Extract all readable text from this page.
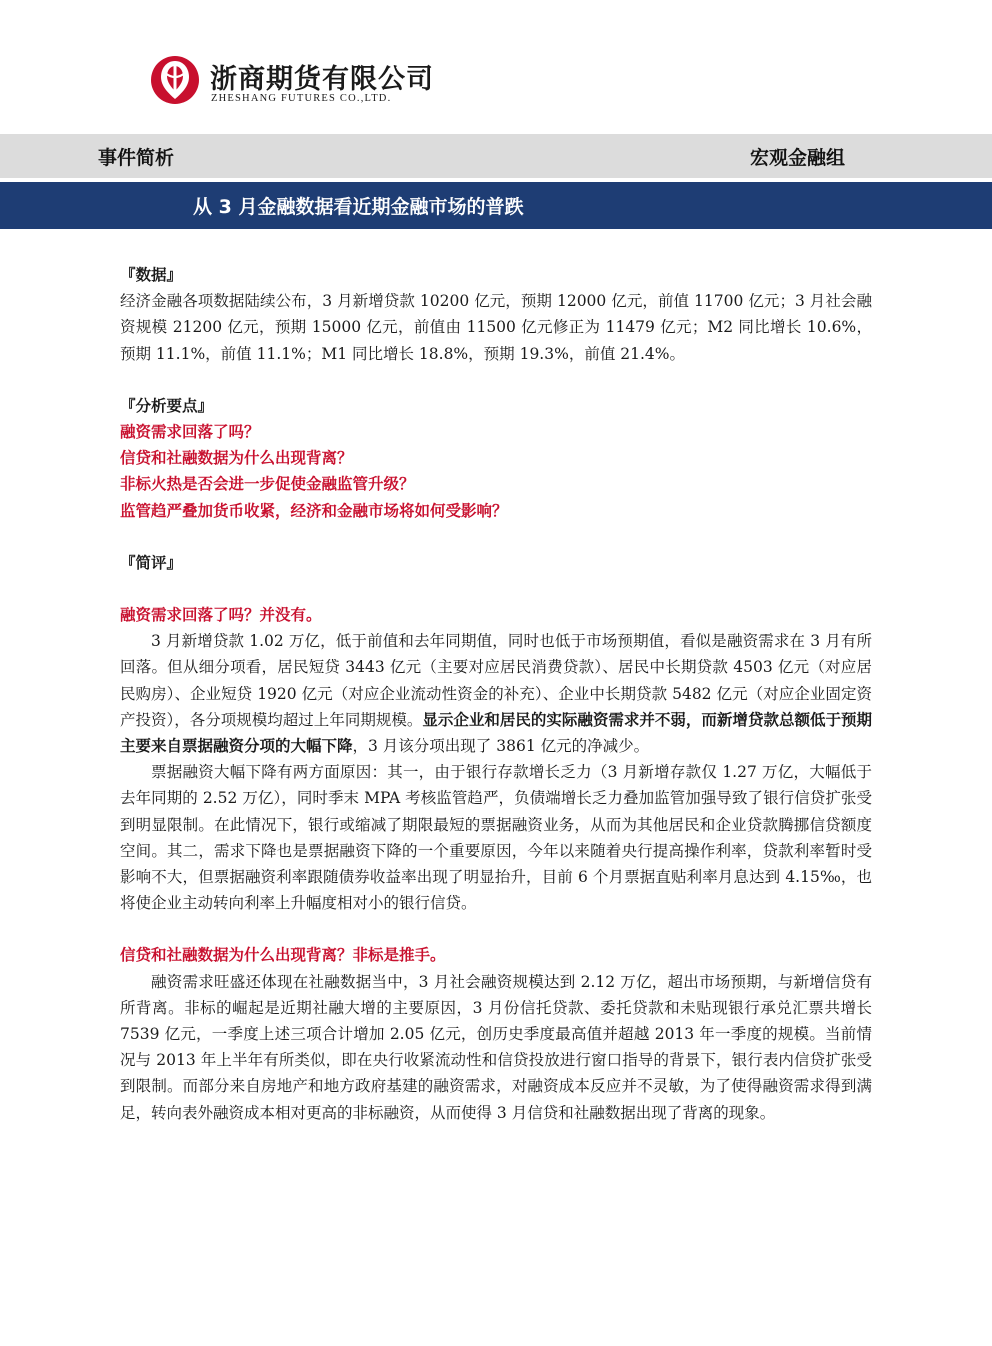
浙商期货有限公司
ZHESHANG FUTURES CO.,LTD.
事件简析	宏观金融组
从 3 月金融数据看近期金融市场的普跌

『数据』

经济金融各项数据陆续公布，3 月新增贷款 10200 亿元，预期 12000 亿元，前值 11700 亿元；3 月社会融资规模 21200 亿元，预期 15000 亿元，前值由 11500 亿元修正为 11479 亿元；M2 同比增长 10.6%，预期 11.1%，前值 11.1%；M1 同比增长 18.8%，预期 19.3%，前值 21.4%。

『分析要点』

融资需求回落了吗？

信贷和社融数据为什么出现背离？

非标火热是否会进一步促使金融监管升级？

监管趋严叠加货币收紧，经济和金融市场将如何受影响？

『简评』

融资需求回落了吗？并没有。

3 月新增贷款 1.02 万亿，低于前值和去年同期值，同时也低于市场预期值，看似是融资需求在 3 月有所回落。但从细分项看，居民短贷 3443 亿元（主要对应居民消费贷款）、居民中长期贷款 4503 亿元（对应居民购房）、企业短贷 1920 亿元（对应企业流动性资金的补充）、企业中长期贷款 5482 亿元（对应企业固定资产投资），各分项规模均超过上年同期规模。显示企业和居民的实际融资需求并不弱，而新增贷款总额低于预期主要来自票据融资分项的大幅下降，3 月该分项出现了 3861 亿元的净减少。

票据融资大幅下降有两方面原因：其一，由于银行存款增长乏力（3 月新增存款仅 1.27 万亿，大幅低于去年同期的 2.52 万亿），同时季末 MPA 考核监管趋严，负债端增长乏力叠加监管加强导致了银行信贷扩张受到明显限制。在此情况下，银行或缩减了期限最短的票据融资业务，从而为其他居民和企业贷款腾挪信贷额度空间。其二，需求下降也是票据融资下降的一个重要原因，今年以来随着央行提高操作利率，贷款利率暂时受影响不大，但票据融资利率跟随债券收益率出现了明显抬升，目前 6 个月票据直贴利率月息达到 4.15‰，也将使企业主动转向利率上升幅度相对小的银行信贷。

信贷和社融数据为什么出现背离？非标是推手。

融资需求旺盛还体现在社融数据当中，3 月社会融资规模达到 2.12 万亿，超出市场预期，与新增信贷有所背离。非标的崛起是近期社融大增的主要原因，3 月份信托贷款、委托贷款和未贴现银行承兑汇票共增长 7539 亿元，一季度上述三项合计增加 2.05 亿元，创历史季度最高值并超越 2013 年一季度的规模。当前情况与 2013 年上半年有所类似，即在央行收紧流动性和信贷投放进行窗口指导的背景下，银行表内信贷扩张受到限制。而部分来自房地产和地方政府基建的融资需求，对融资成本反应并不灵敏，为了使得融资需求得到满足，转向表外融资成本相对更高的非标融资，从而使得 3 月信贷和社融数据出现了背离的现象。
